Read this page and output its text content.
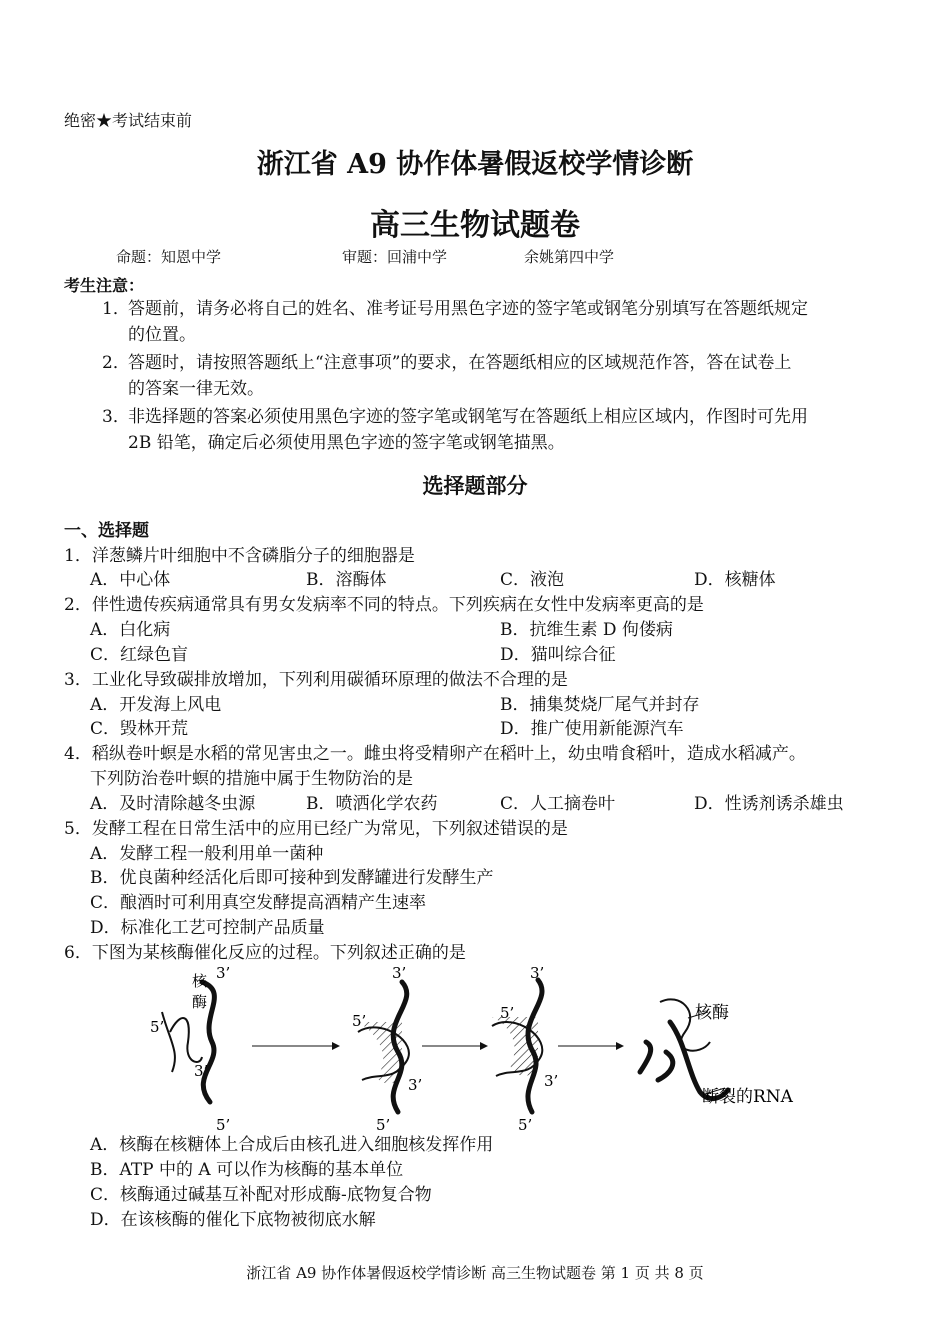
绝密★考试结束前
浙江省 A9 协作体暑假返校学情诊断
高三生物试题卷
命题：知恩中学	审题：回浦中学	余姚第四中学
考生注意：
1．
答题前，请务必将自己的姓名、准考证号用黑色字迹的签字笔或钢笔分别填写在答题纸规定
的位置。
2．
答题时，请按照答题纸上“注意事项”的要求，在答题纸相应的区域规范作答，答在试卷上
的答案一律无效。
3．
非选择题的答案必须使用黑色字迹的签字笔或钢笔写在答题纸上相应区域内，作图时可先用
2B 铅笔，确定后必须使用黑色字迹的签字笔或钢笔描黑。
选择题部分
一、选择题
1．洋葱鳞片叶细胞中不含磷脂分子的细胞器是
A．中心体	B．溶酶体	C．液泡	D．核糖体
2．伴性遗传疾病通常具有男女发病率不同的特点。下列疾病在女性中发病率更高的是
A．白化病	B．抗维生素 D 佝偻病
C．红绿色盲	D．猫叫综合征
3．工业化导致碳排放增加，下列利用碳循环原理的做法不合理的是
A．开发海上风电	B．捕集焚烧厂尾气并封存
C．毁林开荒	D．推广使用新能源汽车
4．稻纵卷叶螟是水稻的常见害虫之一。雌虫将受精卵产在稻叶上，幼虫啃食稻叶，造成水稻减产。
下列防治卷叶螟的措施中属于生物防治的是
A．及时清除越冬虫源	B．喷洒化学农药	C．人工摘卷叶	D．性诱剂诱杀雄虫
5．发酵工程在日常生活中的应用已经广为常见，下列叙述错误的是
A．发酵工程一般利用单一菌种
B．优良菌种经活化后即可接种到发酵罐进行发酵生产
C．酿酒时可利用真空发酵提高酒精产生速率
D．标准化工艺可控制产品质量
6．下图为某核酶催化反应的过程。下列叙述正确的是
核
酶
3’
5’
3’
5’
3’
5’
3’
5’
3’
5’
3’
5’
核酶
断裂的RNA
A．核酶在核糖体上合成后由核孔进入细胞核发挥作用
B．ATP 中的 A 可以作为核酶的基本单位
C．核酶通过碱基互补配对形成酶-底物复合物
D．在该核酶的催化下底物被彻底水解
浙江省 A9 协作体暑假返校学情诊断 高三生物试题卷 第 1 页 共 8 页
